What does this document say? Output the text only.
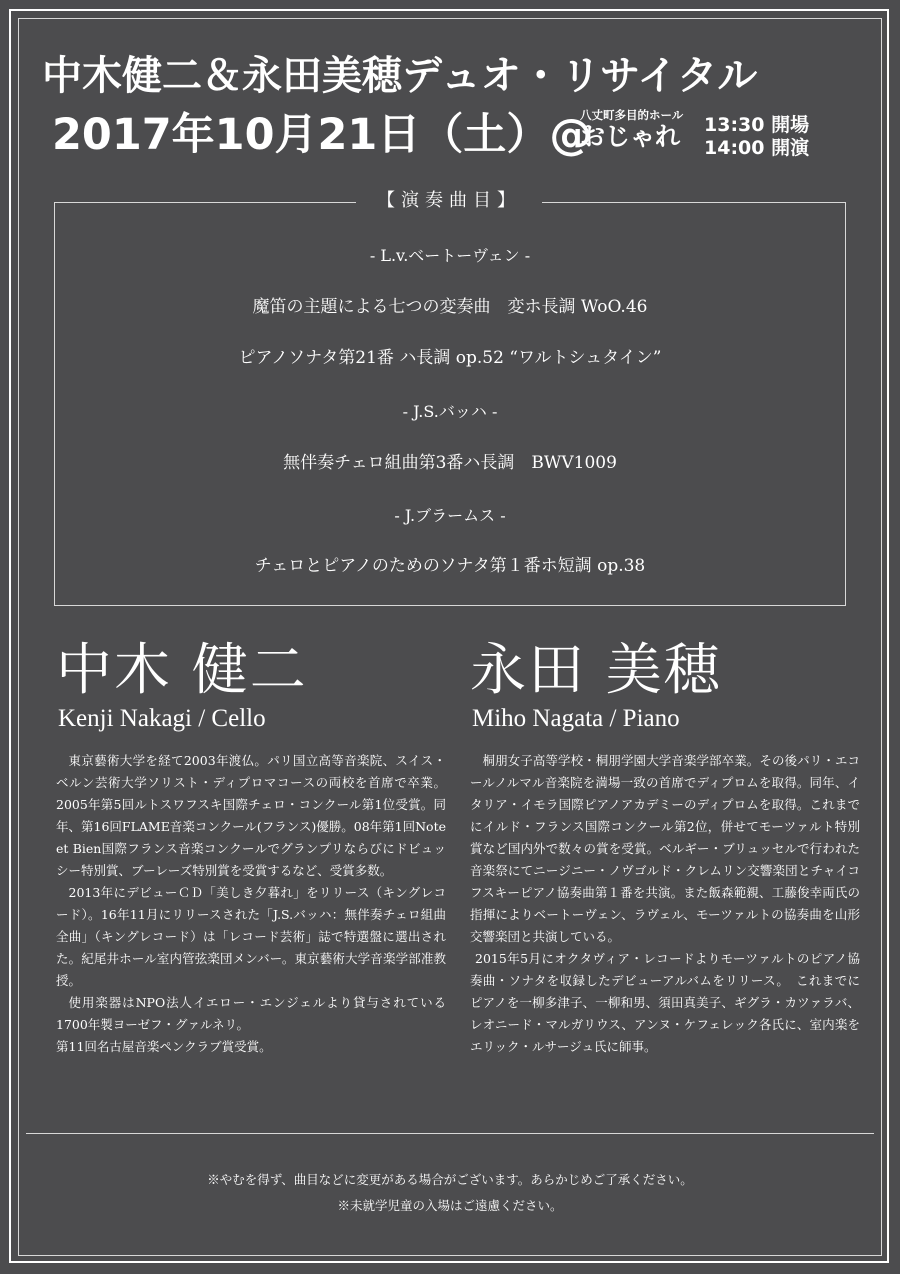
中木健二＆永田美穂デュオ・リサイタル
2017年10月21日（土）@
八丈町多目的ホール
おじゃれ 13:30 開場
14:00 開演
【演奏曲目】
- L.v.ベートーヴェン -
魔笛の主題による七つの変奏曲　変ホ長調 WoO.46
ピアノソナタ第21番 ハ長調 op.52 “ワルトシュタイン”
- J.S.バッハ -
無伴奏チェロ組曲第3番ハ長調　BWV1009
- J.ブラームス -
チェロとピアノのためのソナタ第１番ホ短調 op.38
中木 健二
Kenji Nakagi / Cello

東京藝術大学を経て2003年渡仏。パリ国立高等音楽院、スイス・ベルン芸術大学ソリスト・ディプロマコースの両校を首席で卒業。2005年第5回ルトスワフスキ国際チェロ・コンクール第1位受賞。同年、第16回FLAME音楽コンクール(フランス)優勝。08年第1回Note et Bien国際フランス音楽コンクールでグランプリならびにドビュッシー特別賞、ブーレーズ特別賞を受賞するなど、受賞多数。

2013年にデビューＣＤ「美しき夕暮れ」をリリース（キングレコード）。16年11月にリリースされた「J.S.バッハ：無伴奏チェロ組曲全曲」（キングレコード）は「レコード芸術」誌で特選盤に選出された。紀尾井ホール室内管弦楽団メンバー。東京藝術大学音楽学部准教授。

使用楽器はNPO法人イエロー・エンジェルより貸与されている1700年製ヨーゼフ・グァルネリ。

第11回名古屋音楽ペンクラブ賞受賞。

永田 美穂
Miho Nagata / Piano

桐朋女子高等学校・桐朋学園大学音楽学部卒業。その後パリ・エコールノルマル音楽院を満場一致の首席でディプロムを取得。同年、イタリア・イモラ国際ピアノアカデミーのディプロムを取得。これまでにイルド・フランス国際コンクール第2位，併せてモーツァルト特別賞など国内外で数々の賞を受賞。ベルギー・ブリュッセルで行われた音楽祭にてニージニー・ノヴゴルド・クレムリン交響楽団とチャイコフスキーピアノ協奏曲第１番を共演。また飯森範親、工藤俊幸両氏の指揮によりベートーヴェン、ラヴェル、モーツァルトの協奏曲を山形交響楽団と共演している。

2015年5月にオクタヴィア・レコードよりモーツァルトのピアノ協奏曲・ソナタを収録したデビューアルバムをリリース。　これまでにピアノを一柳多津子、一柳和男、須田真美子、ギグラ・カツァラバ、レオニード・マルガリウス、アンヌ・ケフェレック各氏に、室内楽をエリック・ルサージュ氏に師事。

※やむを得ず、曲目などに変更がある場合がございます。あらかじめご了承ください。
※未就学児童の入場はご遠慮ください。
